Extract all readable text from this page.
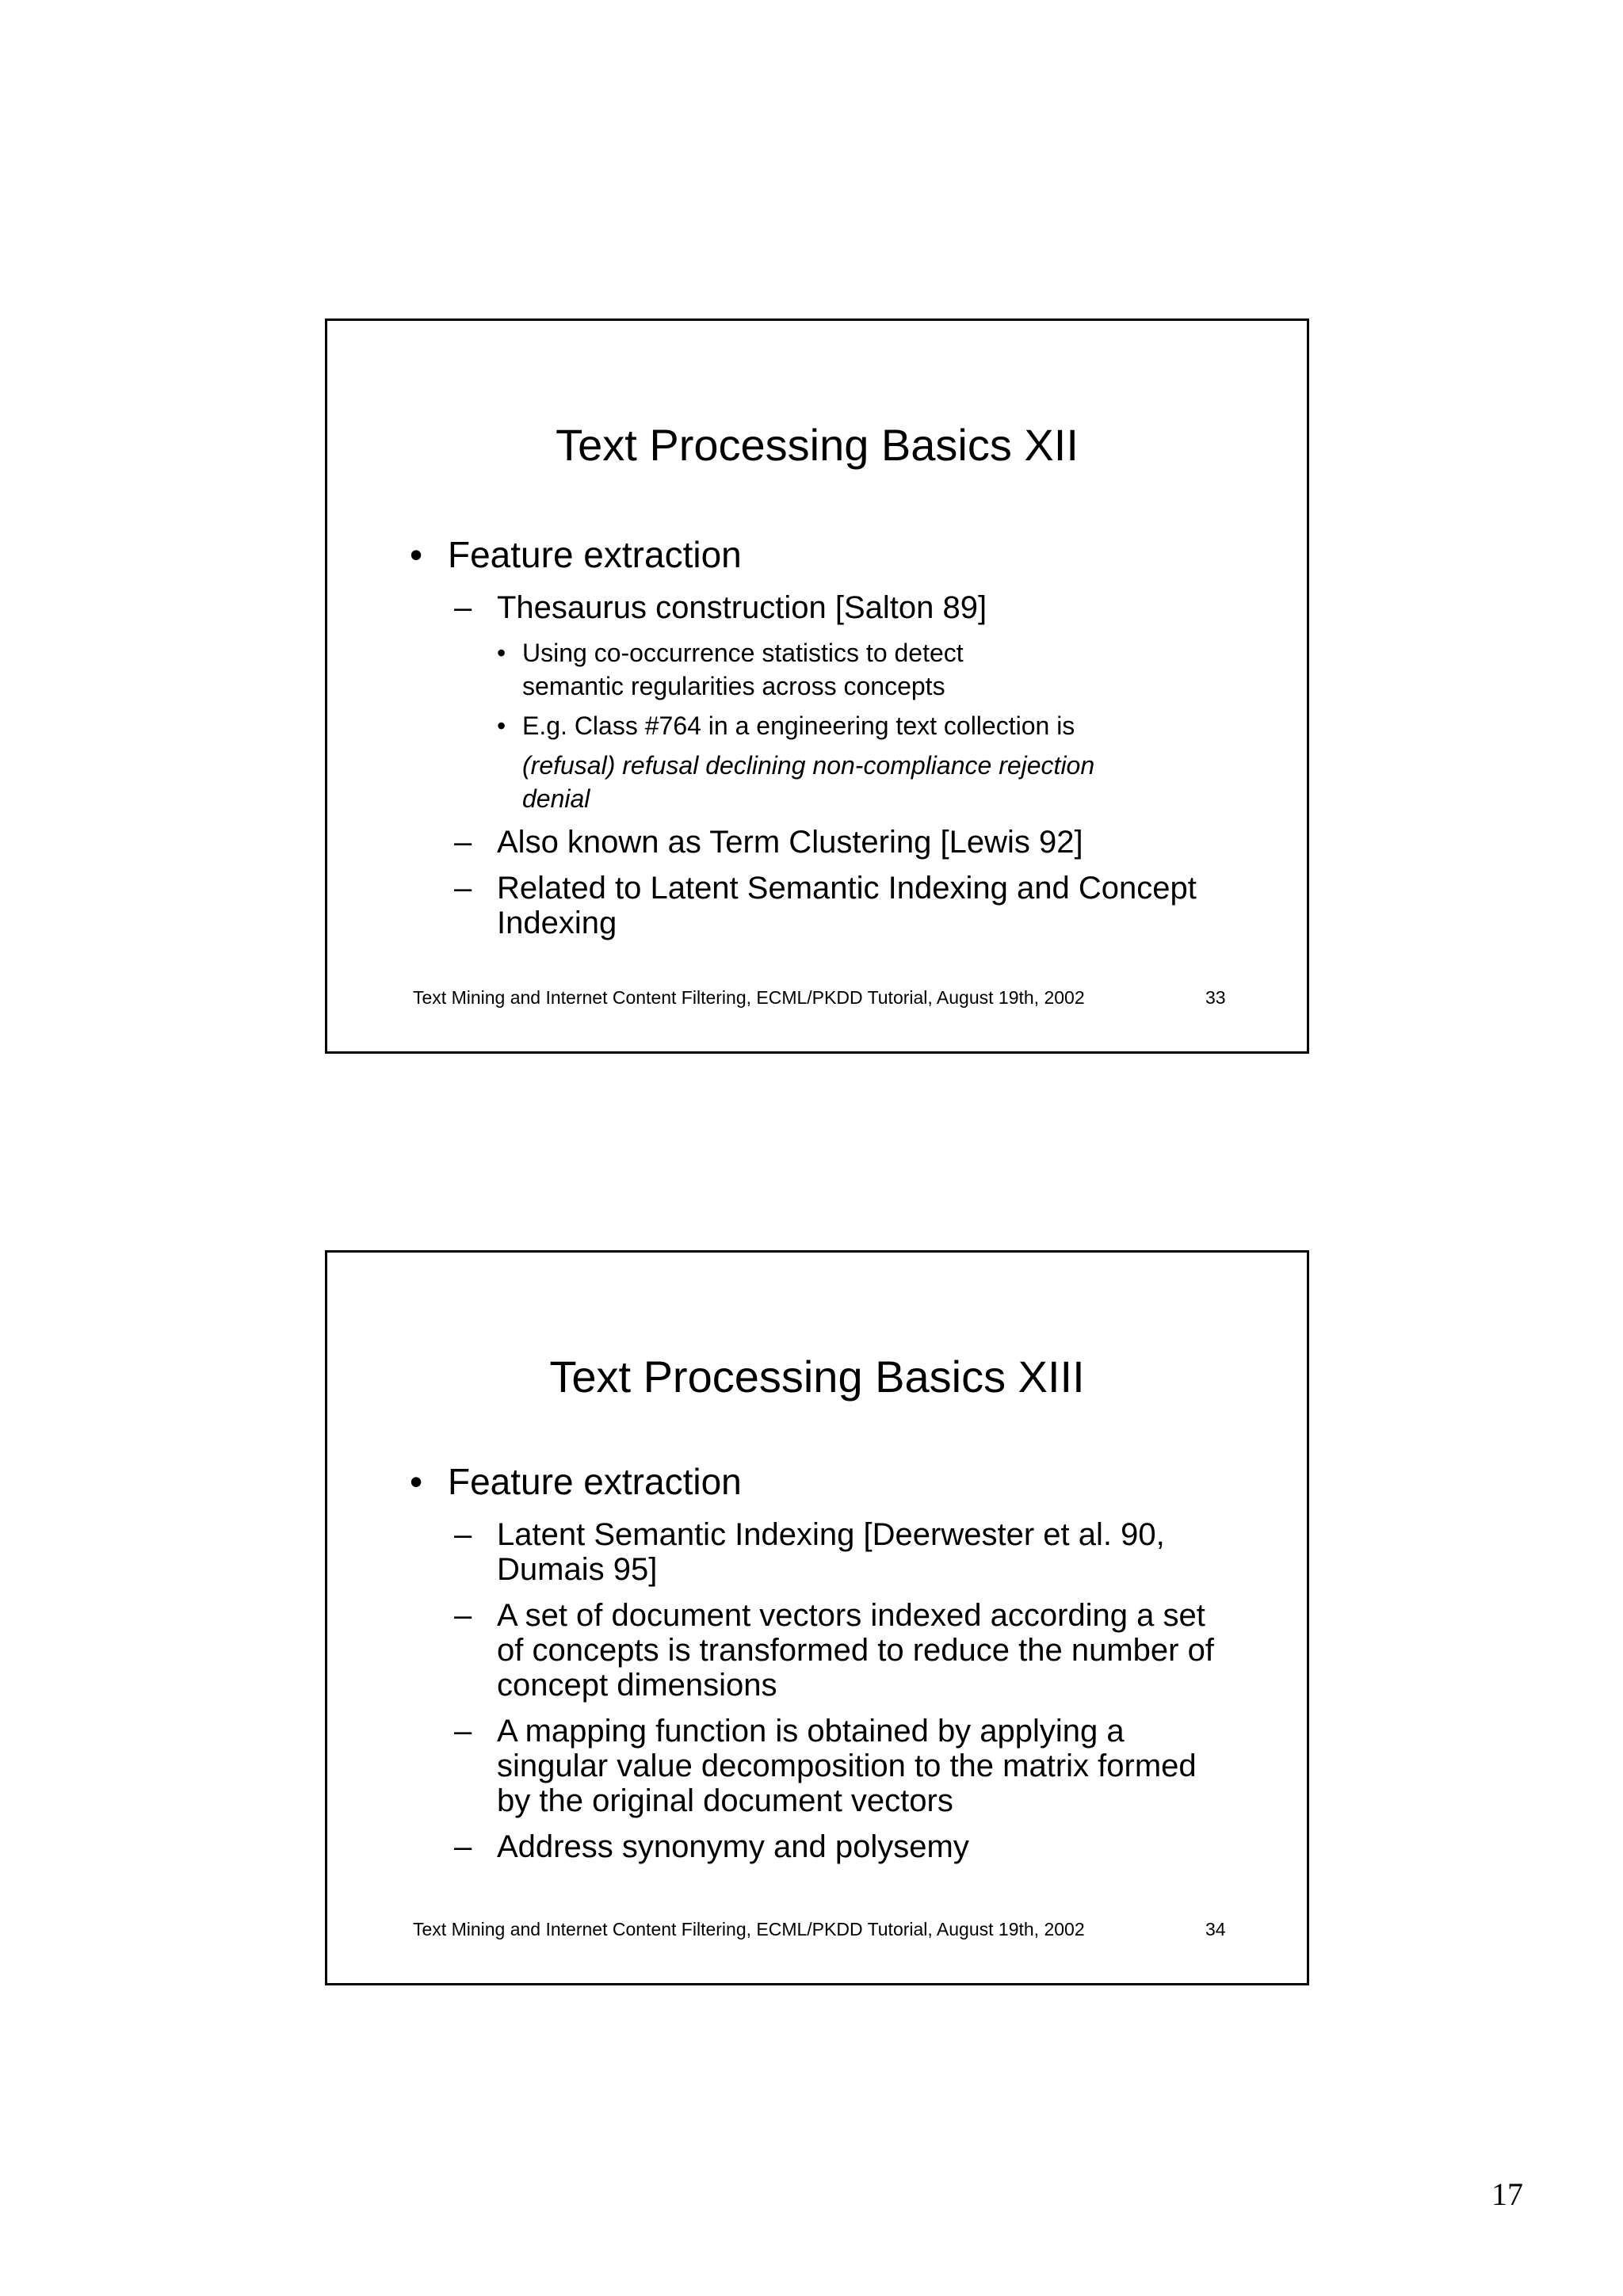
Text Processing Basics XII
• Feature extraction
– Thesaurus construction [Salton 89]
• Using co-occurrence statistics to detect semantic regularities across concepts
• E.g. Class #764 in a engineering text collection is
(refusal) refusal declining non-compliance rejection denial
– Also known as Term Clustering [Lewis 92]
– Related to Latent Semantic Indexing and Concept Indexing
Text Mining and Internet Content Filtering, ECML/PKDD Tutorial, August 19th, 2002	33
Text Processing Basics XIII
• Feature extraction
– Latent Semantic Indexing [Deerwester et al. 90, Dumais 95]
– A set of document vectors indexed according a set of concepts is transformed to reduce the number of concept dimensions
– A mapping function is obtained by applying a singular value decomposition to the matrix formed by the original document vectors
– Address synonymy and polysemy
Text Mining and Internet Content Filtering, ECML/PKDD Tutorial, August 19th, 2002	34
17
